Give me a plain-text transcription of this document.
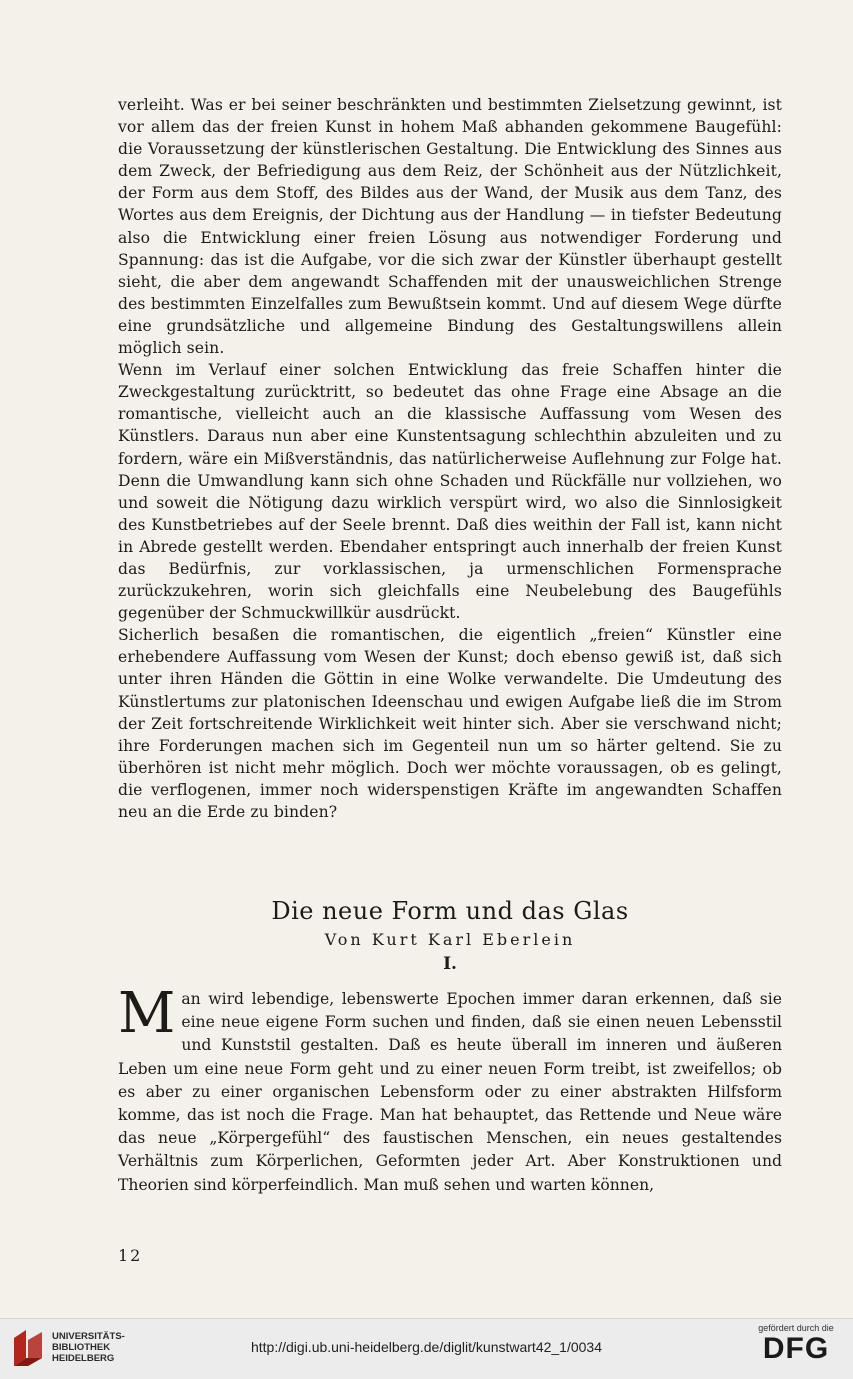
verleiht. Was er bei seiner beschränkten und bestimmten Zielsetzung gewinnt, ist vor allem das der freien Kunst in hohem Maß abhanden gekommene Baugefühl: die Voraussetzung der künstlerischen Gestaltung. Die Entwicklung des Sinnes aus dem Zweck, der Befriedigung aus dem Reiz, der Schönheit aus der Nützlichkeit, der Form aus dem Stoff, des Bildes aus der Wand, der Musik aus dem Tanz, des Wortes aus dem Ereignis, der Dichtung aus der Handlung — in tiefster Bedeutung also die Entwicklung einer freien Lösung aus notwendiger Forderung und Spannung: das ist die Aufgabe, vor die sich zwar der Künstler überhaupt gestellt sieht, die aber dem angewandt Schaffenden mit der unausweichlichen Strenge des bestimmten Einzelfalles zum Bewußtsein kommt. Und auf diesem Wege dürfte eine grundsätzliche und allgemeine Bindung des Gestaltungswillens allein möglich sein.

Wenn im Verlauf einer solchen Entwicklung das freie Schaffen hinter die Zweckgestaltung zurücktritt, so bedeutet das ohne Frage eine Absage an die romantische, vielleicht auch an die klassische Auffassung vom Wesen des Künstlers. Daraus nun aber eine Kunstentsagung schlechthin abzuleiten und zu fordern, wäre ein Mißverständnis, das natürlicherweise Auflehnung zur Folge hat. Denn die Umwandlung kann sich ohne Schaden und Rückfälle nur vollziehen, wo und soweit die Nötigung dazu wirklich verspürt wird, wo also die Sinnlosigkeit des Kunstbetriebes auf der Seele brennt. Daß dies weithin der Fall ist, kann nicht in Abrede gestellt werden. Ebendaher entspringt auch innerhalb der freien Kunst das Bedürfnis, zur vorklassischen, ja urmenschlichen Formensprache zurückzukehren, worin sich gleichfalls eine Neubelebung des Baugefühls gegenüber der Schmuckwillkür ausdrückt.

Sicherlich besaßen die romantischen, die eigentlich „freien“ Künstler eine erhebendere Auffassung vom Wesen der Kunst; doch ebenso gewiß ist, daß sich unter ihren Händen die Göttin in eine Wolke verwandelte. Die Umdeutung des Künstlertums zur platonischen Ideenschau und ewigen Aufgabe ließ die im Strom der Zeit fortschreitende Wirklichkeit weit hinter sich. Aber sie verschwand nicht; ihre Forderungen machen sich im Gegenteil nun um so härter geltend. Sie zu überhören ist nicht mehr möglich. Doch wer möchte voraussagen, ob es gelingt, die verflogenen, immer noch widerspenstigen Kräfte im angewandten Schaffen neu an die Erde zu binden?

Die neue Form und das Glas
Von Kurt Karl Eberlein
I.
M an wird lebendige, lebenswerte Epochen immer daran erkennen, daß sie eine neue eigene Form suchen und finden, daß sie einen neuen Lebensstil und Kunststil gestalten. Daß es heute überall im inneren und äußeren Leben um eine neue Form geht und zu einer neuen Form treibt, ist zweifellos; ob es aber zu einer organischen Lebensform oder zu einer abstrakten Hilfsform komme, das ist noch die Frage. Man hat behauptet, das Rettende und Neue wäre das neue „Körpergefühl“ des faustischen Menschen, ein neues gestaltendes Verhältnis zum Körperlichen, Geformten jeder Art. Aber Konstruktionen und Theorien sind körperfeindlich. Man muß sehen und warten können,
12
UNIVERSITÄTS-
BIBLIOTHEK
HEIDELBERG
http://digi.ub.uni-heidelberg.de/diglit/kunstwart42_1/0034
gefördert durch die
DFG
